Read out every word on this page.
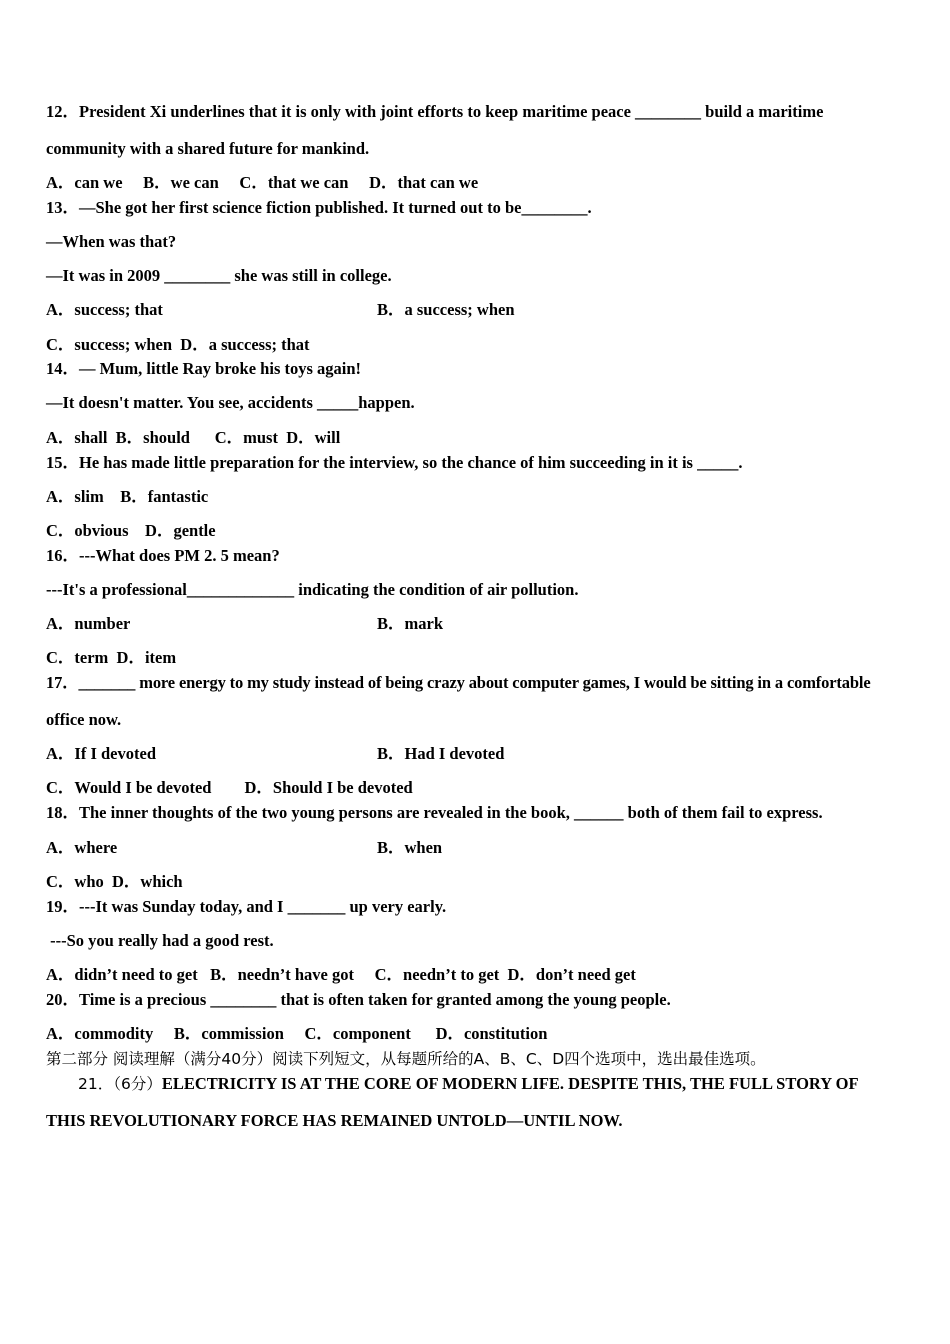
12．President Xi underlines that it is only with joint efforts to keep maritime peace ________ build a maritime
community with a shared future for mankind.
A．can we     B．we can     C．that we can     D．that can we
13．—She got her first science fiction published. It turned out to be________.
—When was that?
—It was in 2009 ________ she was still in college.
A．success; that	B．a success; when
C．success; when  D．a success; that
14．— Mum, little Ray broke his toys again!
—It doesn't matter. You see, accidents _____happen.
A．shall  B．should      C．must  D．will
15．He has made little preparation for the interview, so the chance of him succeeding in it is _____.
A．slim    B．fantastic
C．obvious    D．gentle
16．---What does PM 2. 5 mean?
---It's a professional_____________ indicating the condition of air pollution.
A．number	B．mark
C．term  D．item
17．_______ more energy to my study instead of being crazy about computer games, I would be sitting in a comfortable
office now.
A．If I devoted	B．Had I devoted
C．Would I be devoted        D．Should I be devoted
18．The inner thoughts of the two young persons are revealed in the book, ______ both of them fail to express.
A．where	B．when
C．who  D．which
19．---It was Sunday today, and I _______ up very early.
---So you really had a good rest.
A．didn’t need to get   B．needn’t have got     C．needn’t to get  D．don’t need get
20．Time is a precious ________ that is often taken for granted among the young people.
A．commodity     B．commission     C．component      D．constitution
第二部分 阅读理解（满分40分）阅读下列短文，从每题所给的A、B、C、D四个选项中，选出最佳选项。
21．（6分）ELECTRICITY IS AT THE CORE OF MODERN LIFE. DESPITE THIS, THE FULL STORY OF
THIS REVOLUTIONARY FORCE HAS REMAINED UNTOLD—UNTIL NOW.
